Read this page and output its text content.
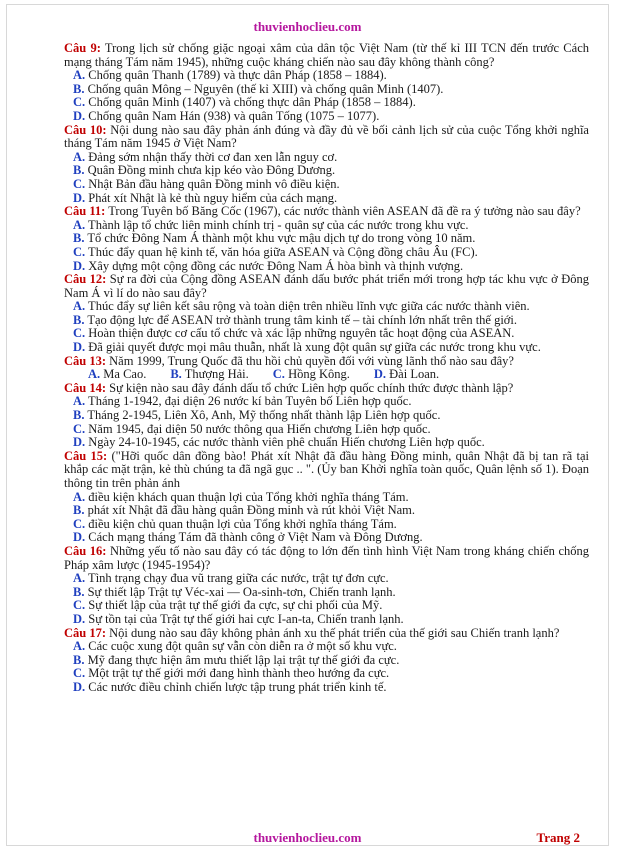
thuvienhoclieu.com

Câu 9: Trong lịch sử chống giặc ngoại xâm của dân tộc Việt Nam (từ thế kỉ III TCN đến trước Cách mạng tháng Tám năm 1945), những cuộc kháng chiến nào sau đây không thành công?

A. Chống quân Thanh (1789) và thực dân Pháp (1858 – 1884).

B. Chống quân Mông – Nguyên (thế kỉ XIII) và chống quân Minh (1407).

C. Chống quân Minh (1407) và chống thực dân Pháp (1858 – 1884).

D. Chống quân Nam Hán (938) và quân Tống (1075 – 1077).

Câu 10: Nội dung nào sau đây phản ánh đúng và đầy đủ về bối cảnh lịch sử của cuộc Tổng khởi nghĩa tháng Tám năm 1945 ở Việt Nam?

A. Đảng sớm nhận thấy thời cơ đan xen lẫn nguy cơ.

B. Quân Đồng minh chưa kịp kéo vào Đông Dương.

C. Nhật Bản đầu hàng quân Đồng minh vô điều kiện.

D. Phát xít Nhật là kẻ thù nguy hiểm của cách mạng.

Câu 11: Trong Tuyên bố Băng Cốc (1967), các nước thành viên ASEAN đã đề ra ý tưởng nào sau đây?

A. Thành lập tổ chức liên minh chính trị - quân sự của các nước trong khu vực.

B. Tổ chức Đông Nam Á thành một khu vực mậu dịch tự do trong vòng 10 năm.

C. Thúc đẩy quan hệ kinh tế, văn hóa giữa ASEAN và Cộng đồng châu Âu (FC).

D. Xây dựng một cộng đồng các nước Đông Nam Á hòa bình và thịnh vượng.

Câu 12: Sự ra đời của Cộng đồng ASEAN đánh dấu bước phát triển mới trong hợp tác khu vực ở Đông Nam Á vì lí do nào sau đây?

A. Thúc đẩy sự liên kết sâu rộng và toàn diện trên nhiều lĩnh vực giữa các nước thành viên.

B. Tạo động lực để ASEAN trở thành trung tâm kinh tế – tài chính lớn nhất trên thế giới.

C. Hoàn thiện được cơ cấu tổ chức và xác lập những nguyên tắc hoạt động của ASEAN.

D. Đã giải quyết được mọi mâu thuẫn, nhất là xung đột quân sự giữa các nước trong khu vực.

Câu 13: Năm 1999, Trung Quốc đã thu hồi chủ quyền đối với vùng lãnh thổ nào sau đây?

A. Ma Cao. B. Thượng Hải. C. Hồng Kông. D. Đài Loan.

Câu 14: Sự kiện nào sau đây đánh dấu tổ chức Liên hợp quốc chính thức được thành lập?

A. Tháng 1-1942, đại diện 26 nước kí bản Tuyên bố Liên hợp quốc.

B. Tháng 2-1945, Liên Xô, Anh, Mỹ thống nhất thành lập Liên hợp quốc.

C. Năm 1945, đại diện 50 nước thông qua Hiến chương Liên hợp quốc.

D. Ngày 24-10-1945, các nước thành viên phê chuẩn Hiến chương Liên hợp quốc.

Câu 15: ("Hỡi quốc dân đồng bào! Phát xít Nhật đã đầu hàng Đồng minh, quân Nhật đã bị tan rã tại khắp các mặt trận, kẻ thù chúng ta đã ngã gục .. ". (Ủy ban Khởi nghĩa toàn quốc, Quân lệnh số 1). Đoạn thông tin trên phản ánh

A. điều kiện khách quan thuận lợi của Tổng khởi nghĩa tháng Tám.

B. phát xít Nhật đã đầu hàng quân Đồng minh và rút khỏi Việt Nam.

C. điều kiện chủ quan thuận lợi của Tổng khởi nghĩa tháng Tám.

D. Cách mạng tháng Tám đã thành công ở Việt Nam và Đông Dương.

Câu 16: Những yếu tố nào sau đây có tác động to lớn đến tình hình Việt Nam trong kháng chiến chống Pháp xâm lược (1945-1954)?

A. Tình trạng chạy đua vũ trang giữa các nước, trật tự đơn cực.

B. Sự thiết lập Trật tự Véc-xai — Oa-sinh-tơn, Chiến tranh lạnh.

C. Sự thiết lập của trật tự thế giới đa cực, sự chi phối của Mỹ.

D. Sự tồn tại của Trật tự thế giới hai cực I-an-ta, Chiến tranh lạnh.

Câu 17: Nội dung nào sau đây không phản ánh xu thế phát triển của thế giới sau Chiến tranh lạnh?

A. Các cuộc xung đột quân sự vẫn còn diễn ra ở một số khu vực.

B. Mỹ đang thực hiện âm mưu thiết lập lại trật tự thế giới đa cực.

C. Một trật tự thế giới mới đang hình thành theo hướng đa cực.

D. Các nước điều chỉnh chiến lược tập trung phát triển kinh tế.

thuvienhoclieu.com	Trang 2
